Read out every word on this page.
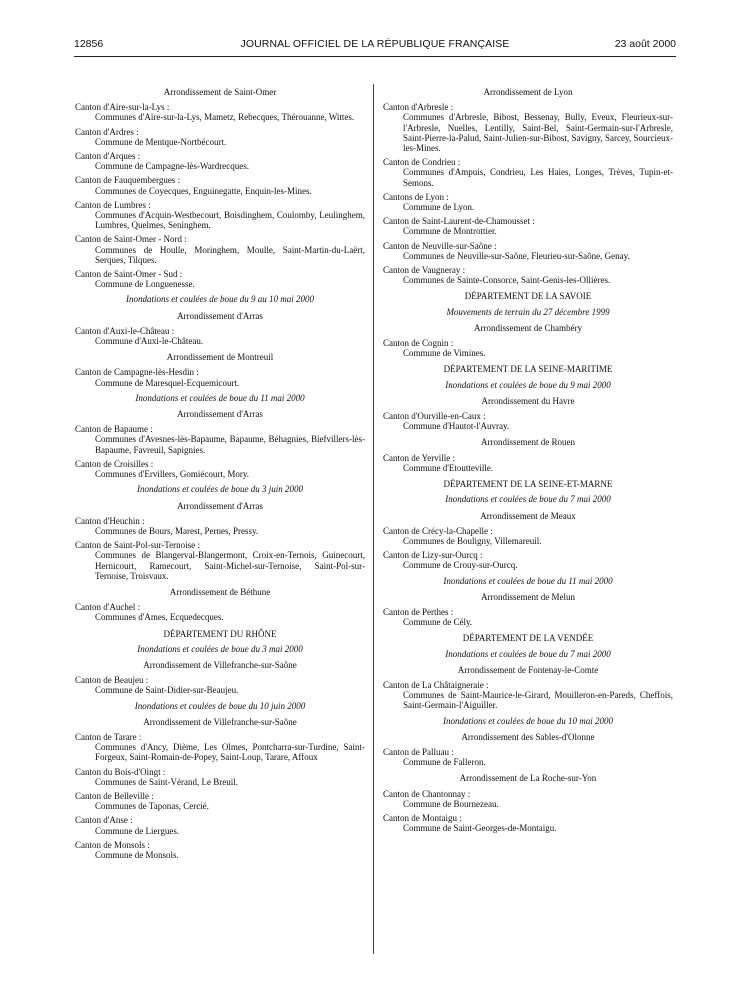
12856	JOURNAL OFFICIEL DE LA RÉPUBLIQUE FRANÇAISE	23 août 2000

Arrondissement de Saint-Omer

Canton d'Aire-sur-la-Lys :

Communes d'Aire-sur-la-Lys, Mametz, Rebecques, Thérouanne, Wittes.

Canton d'Ardres :

Commune de Mentque-Nortbécourt.

Canton d'Arques :

Commune de Campagne-lès-Wardrecques.

Canton de Fauquembergues :

Communes de Coyecques, Enguinegatte, Enquin-les-Mines.

Canton de Lumbres :

Communes d'Acquin-Westbecourt, Boisdinghem, Coulomby, Leulinghem, Lumbres, Quelmes, Seninghem.

Canton de Saint-Omer - Nord :

Communes de Houlle, Moringhem, Moulle, Saint-Martin-du-Laërt, Serques, Tilques.

Canton de Saint-Omer - Sud :

Commune de Longuenesse.

Inondations et coulées de boue du 9 au 10 mai 2000

Arrondissement d'Arras

Canton d'Auxi-le-Château :

Commune d'Auxi-le-Château.

Arrondissement de Montreuil

Canton de Campagne-lès-Hesdin :

Commune de Maresquel-Ecquemicourt.

Inondations et coulées de boue du 11 mai 2000

Arrondissement d'Arras

Canton de Bapaume :

Communes d'Avesnes-lès-Bapaume, Bapaume, Béhagnies, Biefvillers-lès-Bapaume, Favreuil, Sapignies.

Canton de Croisilles :

Communes d'Ervillers, Gomiécourt, Mory.

Inondations et coulées de boue du 3 juin 2000

Arrondissement d'Arras

Canton d'Heuchin :

Communes de Bours, Marest, Pernes, Pressy.

Canton de Saint-Pol-sur-Ternoise :

Communes de Blangerval-Blangermont, Croix-en-Ternois, Guinecourt, Hernicourt, Ramecourt, Saint-Michel-sur-Ternoise, Saint-Pol-sur-Ternoise, Troisvaux.

Arrondissement de Béthune

Canton d'Auchel :

Communes d'Ames, Ecquedecques.

DÉPARTEMENT DU RHÔNE

Inondations et coulées de boue du 3 mai 2000

Arrondissement de Villefranche-sur-Saône

Canton de Beaujeu :

Commune de Saint-Didier-sur-Beaujeu.

Inondations et coulées de boue du 10 juin 2000

Arrondissement de Villefranche-sur-Saône

Canton de Tarare :

Communes d'Ancy, Dième, Les Olmes, Pontcharra-sur-Turdine, Saint-Forgeux, Saint-Romain-de-Popey, Saint-Loup, Tarare, Affoux

Canton du Bois-d'Oingt :

Communes de Saint-Vérand, Le Breuil.

Canton de Belleville :

Communes de Taponas, Cercié.

Canton d'Anse :

Commune de Liergues.

Canton de Monsols :

Commune de Monsols.

Arrondissement de Lyon

Canton d'Arbresle :

Communes d'Arbresle, Bibost, Bessenay, Bully, Eveux, Fleurieux-sur-l'Arbresle, Nuelles, Lentilly, Saint-Bel, Saint-Germain-sur-l'Arbresle, Saint-Pierre-la-Palud, Saint-Julien-sur-Bibost, Savigny, Sarcey, Sourcieux-les-Mines.

Canton de Condrieu :

Communes d'Ampuis, Condrieu, Les Haies, Longes, Trèves, Tupin-et-Semons.

Cantons de Lyon :

Commune de Lyon.

Canton de Saint-Laurent-de-Chamousset :

Commune de Montrottier.

Canton de Neuville-sur-Saône :

Communes de Neuville-sur-Saône, Fleurieu-sur-Saône, Genay.

Canton de Vaugneray :

Communes de Sainte-Consorce, Saint-Genis-les-Ollières.

DÉPARTEMENT DE LA SAVOIE

Mouvements de terrain du 27 décembre 1999

Arrondissement de Chambéry

Canton de Cognin :

Commune de Vimines.

DÉPARTEMENT DE LA SEINE-MARITIME

Inondations et coulées de boue du 9 mai 2000

Arrondissement du Havre

Canton d'Ourville-en-Caux :

Commune d'Hautot-l'Auvray.

Arrondissement de Rouen

Canton de Yerville :

Commune d'Etoutteville.

DÉPARTEMENT DE LA SEINE-ET-MARNE

Inondations et coulées de boue du 7 mai 2000

Arrondissement de Meaux

Canton de Crécy-la-Chapelle :

Communes de Bouligny, Villemareuil.

Canton de Lizy-sur-Ourcq :

Commune de Crouy-sur-Ourcq.

Inondations et coulées de boue du 11 mai 2000

Arrondissement de Melun

Canton de Perthes :

Commune de Cély.

DÉPARTEMENT DE LA VENDÉE

Inondations et coulées de boue du 7 mai 2000

Arrondissement de Fontenay-le-Comte

Canton de La Châtaigneraie :

Communes de Saint-Maurice-le-Girard, Mouilleron-en-Pareds, Cheffois, Saint-Germain-l'Aiguiller.

Inondations et coulées de boue du 10 mai 2000

Arrondissement des Sables-d'Olonne

Canton de Palluau :

Commune de Falleron.

Arrondissement de La Roche-sur-Yon

Canton de Chantonnay :

Commune de Bournezeau.

Canton de Montaigu :

Commune de Saint-Georges-de-Montaigu.
